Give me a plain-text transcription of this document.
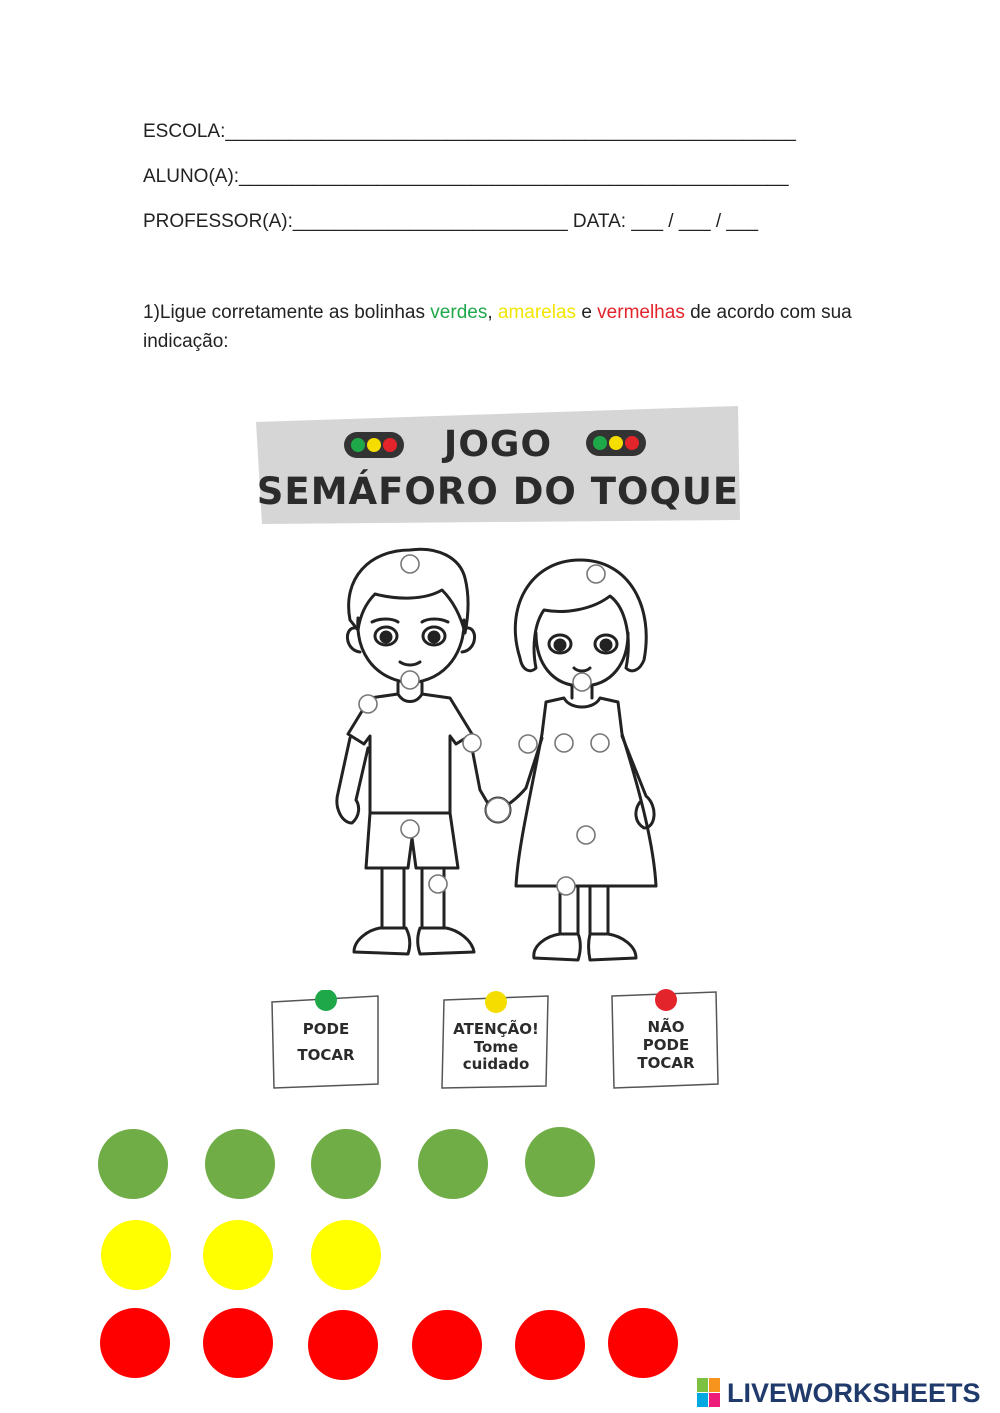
ESCOLA:______________________________________________________
ALUNO(A):____________________________________________________
PROFESSOR(A):__________________________ DATA: ___ / ___ / ___
1)Ligue corretamente as bolinhas verdes, amarelas e vermelhas de acordo com sua indicação:
JOGO
SEMÁFORO DO TOQUE
PODE
TOCAR
ATENÇÃO!
Tome
cuidado
NÃO
PODE
TOCAR
LIVEWORKSHEETS
